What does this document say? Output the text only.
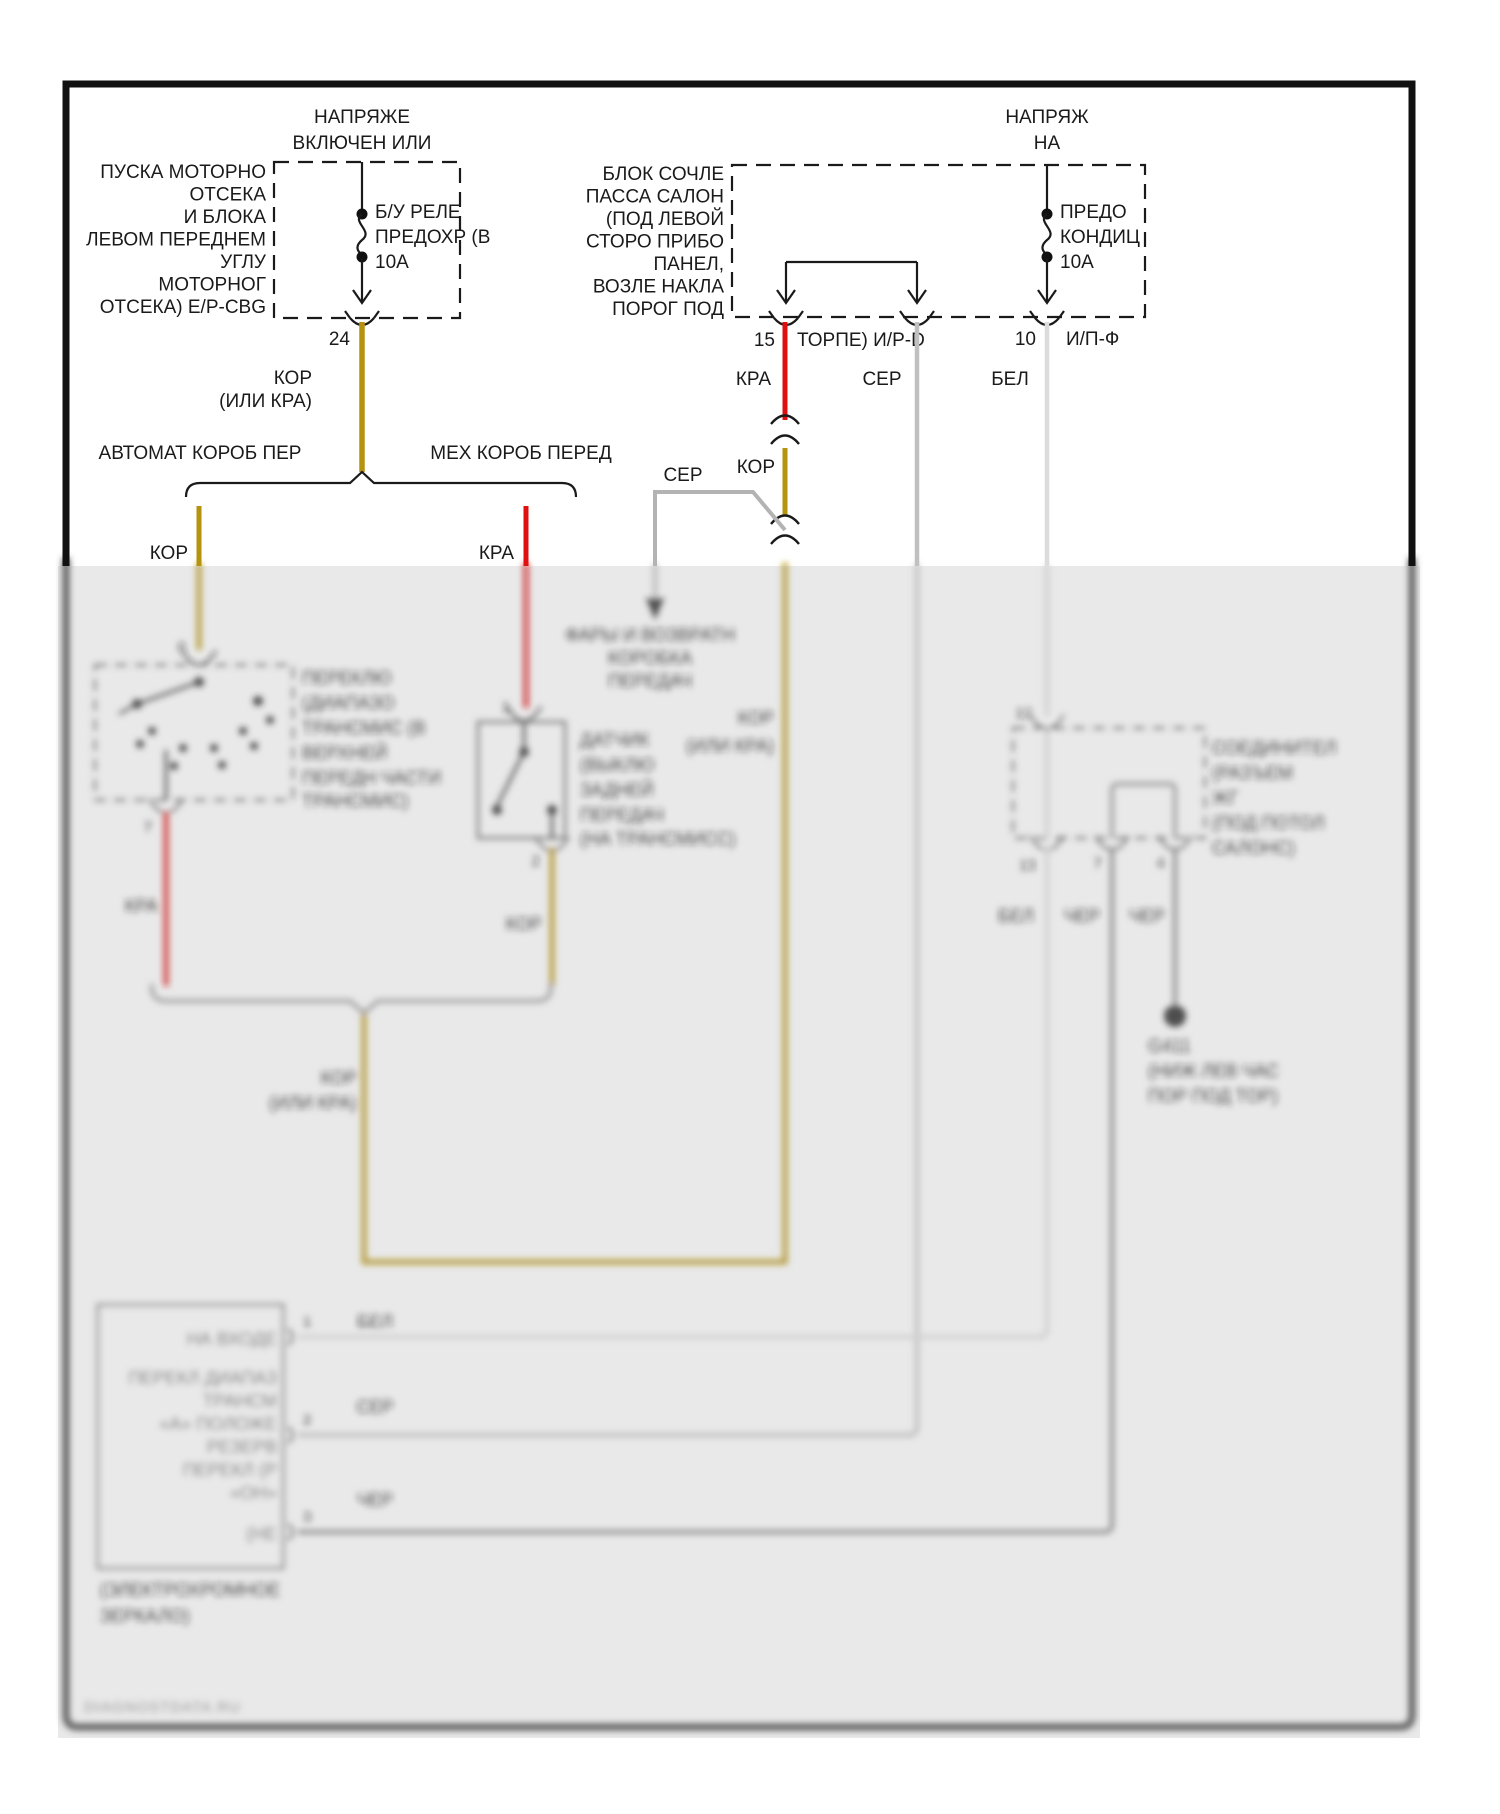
НАПРЯЖЕ
ВКЛЮЧЕН ИЛИ
ПУСКА МОТОРНО
ОТСЕКА
И БЛОКА
ЛЕВОМ ПЕРЕДНЕМ
УГЛУ
МОТОРНОГ
ОТСЕКА) Е/Р-CBG
Б/У РЕЛЕ
ПРЕДОХР (В
10А
24
КОР
(ИЛИ КРА)
АВТОМАТ КОРОБ ПЕР	МЕХ КОРОБ ПЕРЕД
КОР	КРА
НАПРЯЖ
НА
БЛОК СОЧЛЕ
ПАССА САЛОН
(ПОД ЛЕВОЙ
СТОРО ПРИБО
ПАНЕЛ,
ВОЗЛЕ НАКЛА
ПОРОГ ПОД
ПРЕДО
КОНДИЦ
10А
15 ТОРПЕ) И/Р-D	10 И/П-Ф
КРА	СЕР	БЕЛ
КОР
СЕР
